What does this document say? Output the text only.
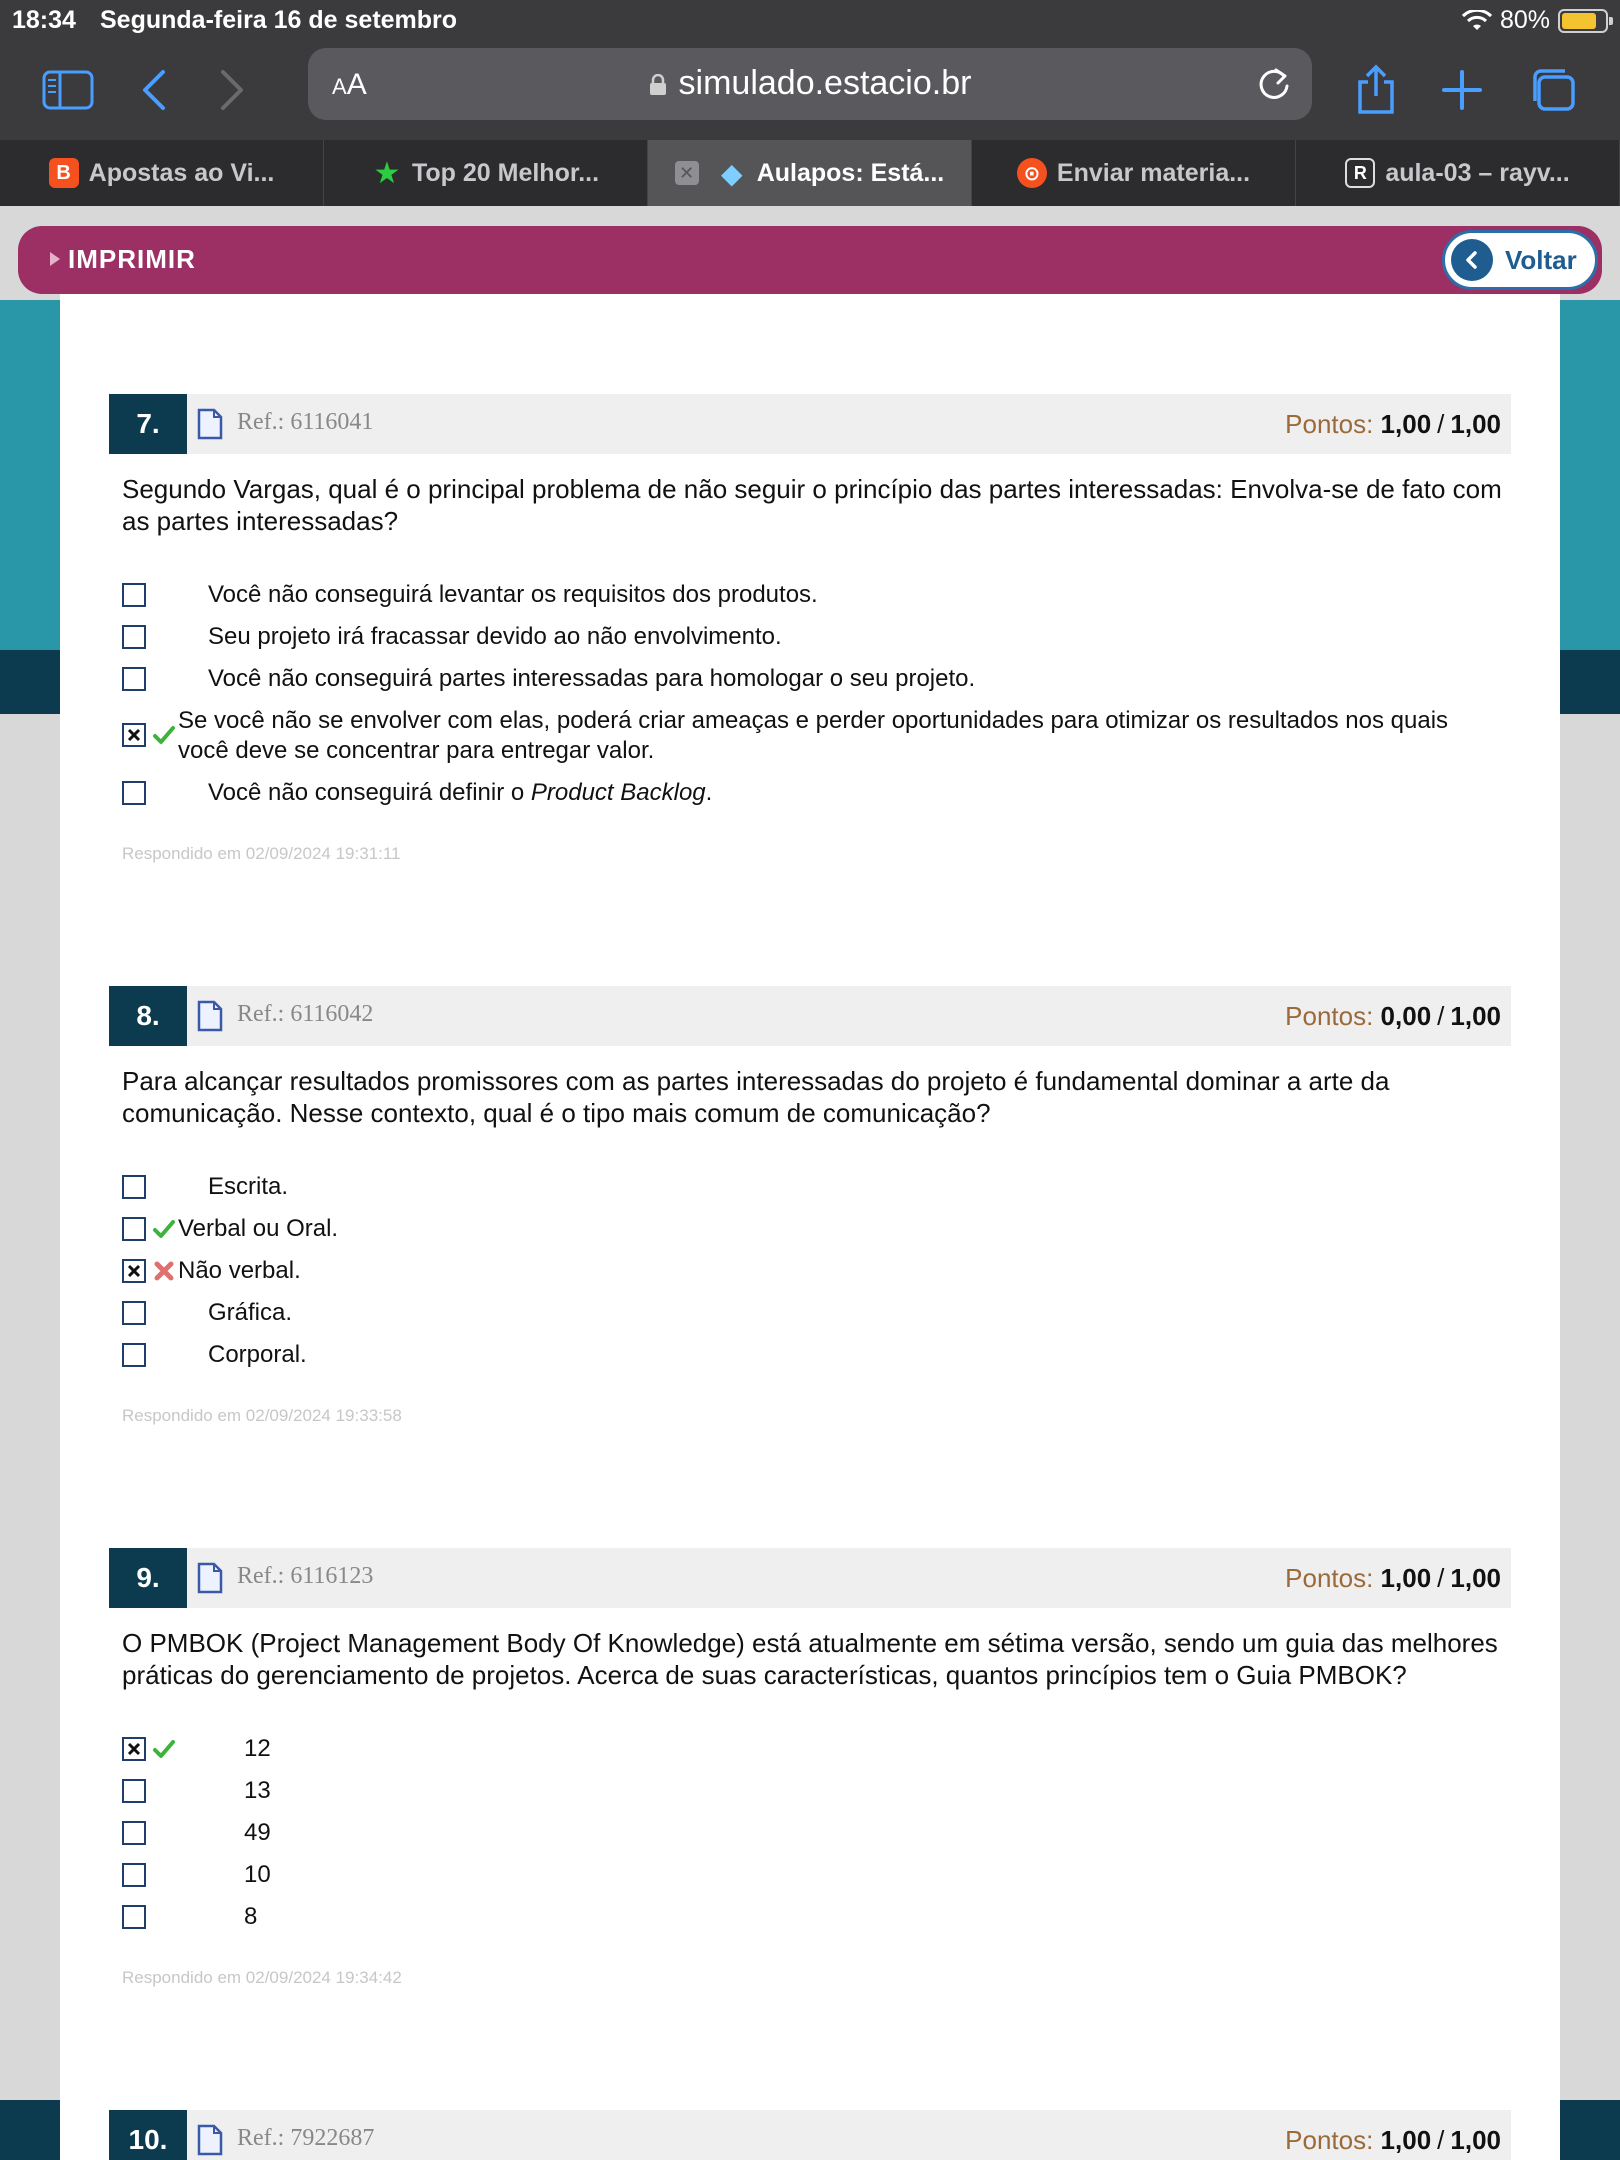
18:34 Segunda-feira 16 de setembro	80%
AA	simulado.estacio.br
B Apostas ao Vi...	★ Top 20 Melhor...	✕ ◆ Aulapos: Está...	⊙ Enviar materia...	R aula-03 – rayv...
IMPRIMIR	Voltar
7.	Ref.: 6116041	Pontos: 1,00 / 1,00
Segundo Vargas, qual é o principal problema de não seguir o princípio das partes interessadas: Envolva-se de fato com as partes interessadas?
Você não conseguirá levantar os requisitos dos produtos.
Seu projeto irá fracassar devido ao não envolvimento.
Você não conseguirá partes interessadas para homologar o seu projeto.
Se você não se envolver com elas, poderá criar ameaças e perder oportunidades para otimizar os resultados nos quais você deve se concentrar para entregar valor.
Você não conseguirá definir o Product Backlog.
Respondido em 02/09/2024 19:31:11
8.	Ref.: 6116042	Pontos: 0,00 / 1,00
Para alcançar resultados promissores com as partes interessadas do projeto é fundamental dominar a arte da comunicação. Nesse contexto, qual é o tipo mais comum de comunicação?
Escrita.
Verbal ou Oral.
Não verbal.
Gráfica.
Corporal.
Respondido em 02/09/2024 19:33:58
9.	Ref.: 6116123	Pontos: 1,00 / 1,00
O PMBOK (Project Management Body Of Knowledge) está atualmente em sétima versão, sendo um guia das melhores práticas do gerenciamento de projetos. Acerca de suas características, quantos princípios tem o Guia PMBOK?
12
13
49
10
8
Respondido em 02/09/2024 19:34:42
10.	Ref.: 7922687	Pontos: 1,00 / 1,00
